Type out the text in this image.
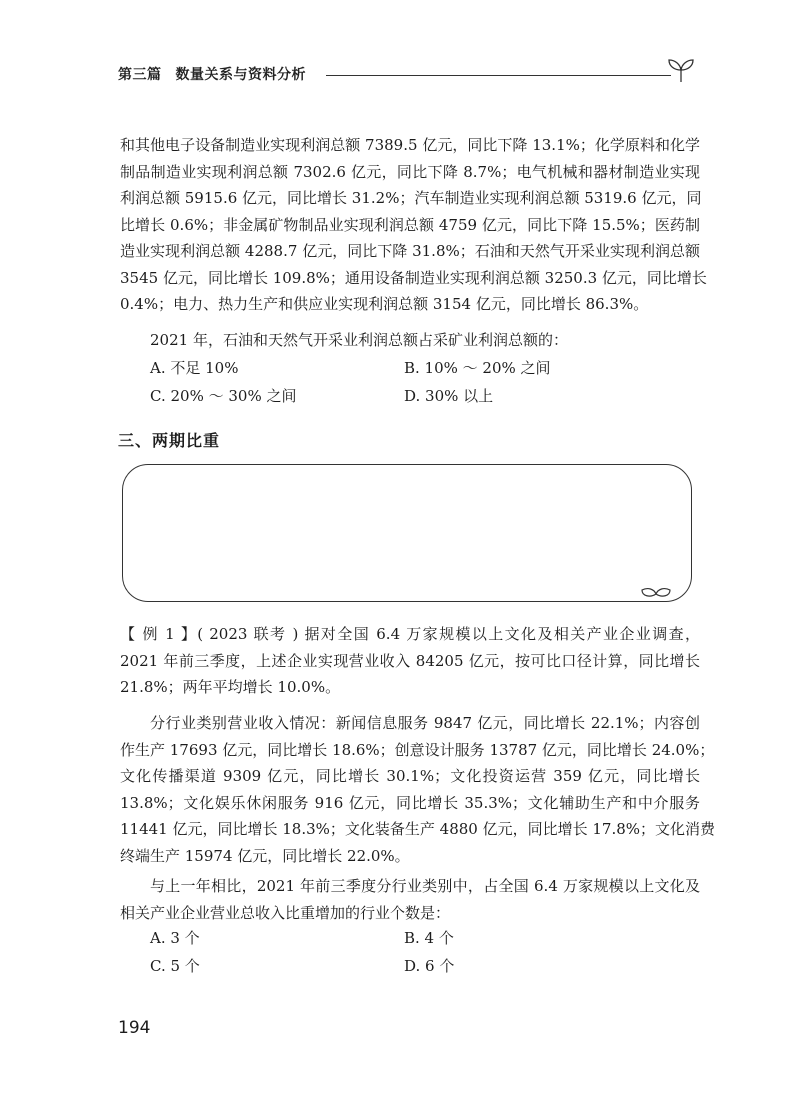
第三篇 数量关系与资料分析
和其他电子设备制造业实现利润总额 7389.5 亿元，同比下降 13.1%；化学原料和化学
制品制造业实现利润总额 7302.6 亿元，同比下降 8.7%；电气机械和器材制造业实现
利润总额 5915.6 亿元，同比增长 31.2%；汽车制造业实现利润总额 5319.6 亿元，同
比增长 0.6%；非金属矿物制品业实现利润总额 4759 亿元，同比下降 15.5%；医药制
造业实现利润总额 4288.7 亿元，同比下降 31.8%；石油和天然气开采业实现利润总额
3545 亿元，同比增长 109.8%；通用设备制造业实现利润总额 3250.3 亿元，同比增长
0.4%；电力、热力生产和供应业实现利润总额 3154 亿元，同比增长 86.3%。
2021 年，石油和天然气开采业利润总额占采矿业利润总额的：
A. 不足 10%	B. 10% ～ 20% 之间
C. 20% ～ 30% 之间	D. 30% 以上
三、两期比重
【 例 1 】( 2023 联考 ) 据对全国 6.4 万家规模以上文化及相关产业企业调查，
2021 年前三季度，上述企业实现营业收入 84205 亿元，按可比口径计算，同比增长
21.8%；两年平均增长 10.0%。
分行业类别营业收入情况：新闻信息服务 9847 亿元，同比增长 22.1%；内容创
作生产 17693 亿元，同比增长 18.6%；创意设计服务 13787 亿元，同比增长 24.0%；
文化传播渠道 9309 亿元，同比增长 30.1%；文化投资运营 359 亿元，同比增长
13.8%；文化娱乐休闲服务 916 亿元，同比增长 35.3%；文化辅助生产和中介服务
11441 亿元，同比增长 18.3%；文化装备生产 4880 亿元，同比增长 17.8%；文化消费
终端生产 15974 亿元，同比增长 22.0%。
与上一年相比，2021 年前三季度分行业类别中，占全国 6.4 万家规模以上文化及
相关产业企业营业总收入比重增加的行业个数是：
A. 3 个	B. 4 个
C. 5 个	D. 6 个
194
